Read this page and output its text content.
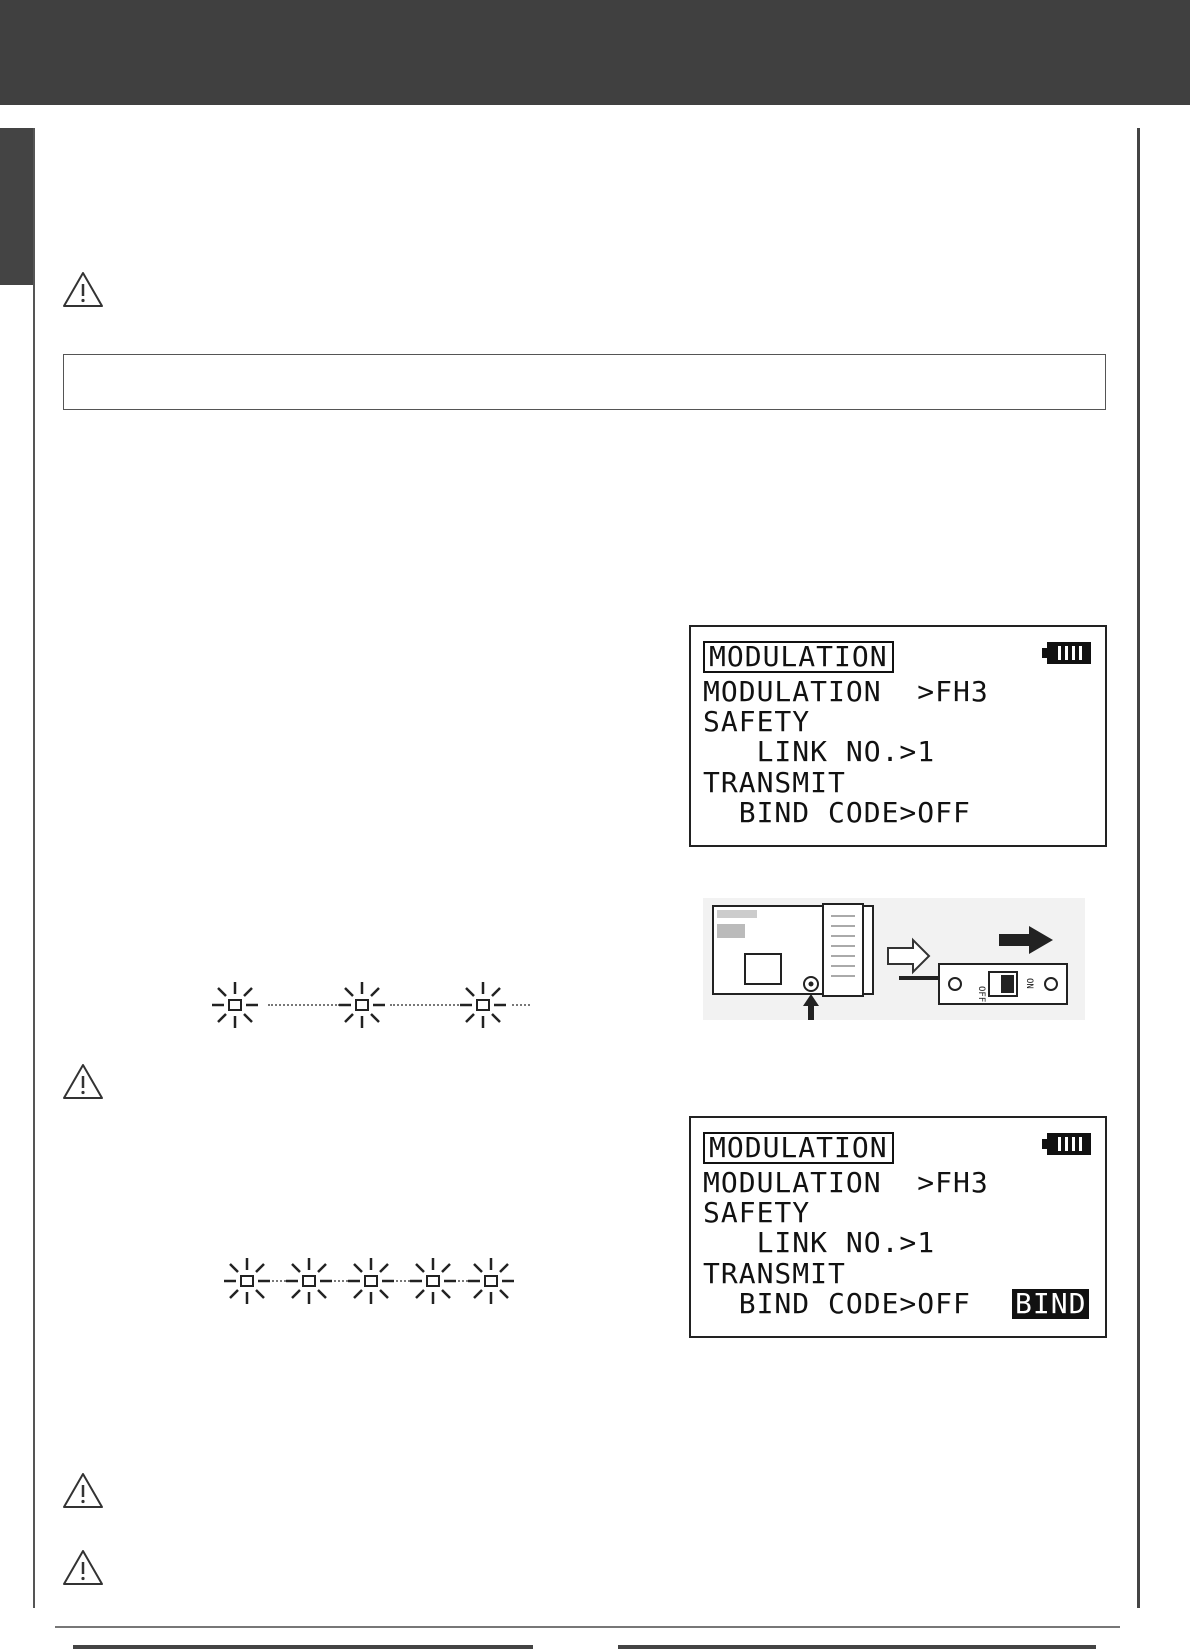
MODULATION
MODULATION  >FH3
SAFETY
LINK NO.>1
TRANSMIT
BIND CODE>OFF
OFF
ON
MODULATION
MODULATION  >FH3
SAFETY
LINK NO.>1
TRANSMIT
BIND CODE>OFF BIND
